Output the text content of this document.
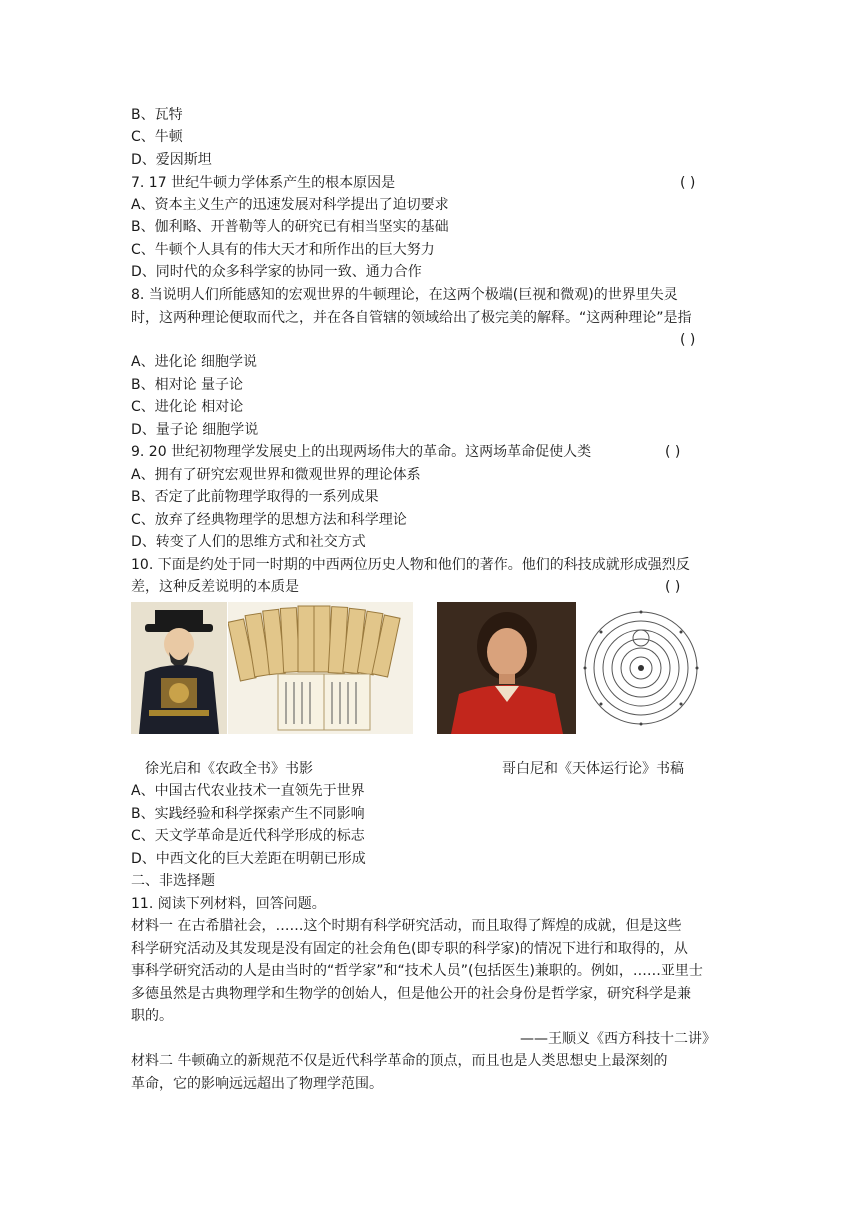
B、瓦特
C、牛顿
D、爱因斯坦
7. 17 世纪牛顿力学体系产生的根本原因是	( )
A、资本主义生产的迅速发展对科学提出了迫切要求
B、伽利略、开普勒等人的研究已有相当坚实的基础
C、牛顿个人具有的伟大天才和所作出的巨大努力
D、同时代的众多科学家的协同一致、通力合作
8. 当说明人们所能感知的宏观世界的牛顿理论，在这两个极端(巨视和微观)的世界里失灵
时，这两种理论便取而代之，并在各自管辖的领域给出了极完美的解释。“这两种理论”是指
( )
A、进化论 细胞学说
B、相对论 量子论
C、进化论 相对论
D、量子论 细胞学说
9. 20 世纪初物理学发展史上的出现两场伟大的革命。这两场革命促使人类	( )
A、拥有了研究宏观世界和微观世界的理论体系
B、否定了此前物理学取得的一系列成果
C、放弃了经典物理学的思想方法和科学理论
D、转变了人们的思维方式和社交方式
10. 下面是约处于同一时期的中西两位历史人物和他们的著作。他们的科技成就形成强烈反
差，这种反差说明的本质是	( )
徐光启和《农政全书》书影	哥白尼和《天体运行论》书稿
A、中国古代农业技术一直领先于世界
B、实践经验和科学探索产生不同影响
C、天文学革命是近代科学形成的标志
D、中西文化的巨大差距在明朝已形成
二、非选择题
11. 阅读下列材料，回答问题。
材料一 在古希腊社会，……这个时期有科学研究活动，而且取得了辉煌的成就，但是这些
科学研究活动及其发现是没有固定的社会角色(即专职的科学家)的情况下进行和取得的，从
事科学研究活动的人是由当时的“哲学家”和“技术人员”(包括医生)兼职的。例如，……亚里士
多德虽然是古典物理学和生物学的创始人，但是他公开的社会身份是哲学家，研究科学是兼
职的。
——王顺义《西方科技十二讲》
材料二 牛顿确立的新规范不仅是近代科学革命的顶点，而且也是人类思想史上最深刻的
革命，它的影响远远超出了物理学范围。
